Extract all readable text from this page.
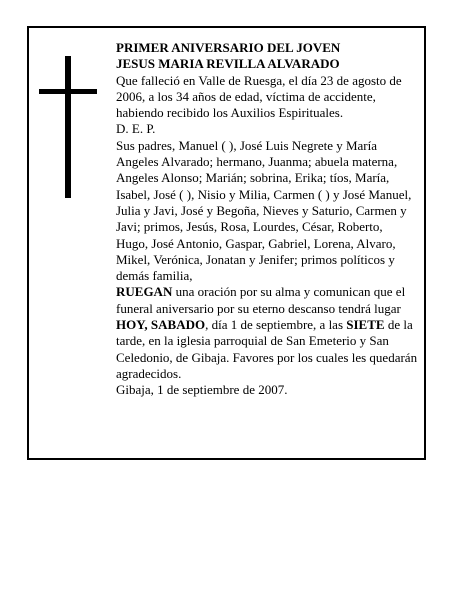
PRIMER ANIVERSARIO DEL JOVEN
JESUS MARIA REVILLA ALVARADO
Que falleció en Valle de Ruesga, el día 23 de agosto de 2006, a los 34 años de edad, víctima de accidente, habiendo recibido los Auxilios Espirituales.
D. E. P.
Sus padres, Manuel ( ), José Luis Negrete y María Angeles Alvarado; hermano, Juanma; abuela materna, Angeles Alonso; Marián; sobrina, Erika; tíos, María, Isabel, José ( ), Nisio y Milia, Carmen ( ) y José Manuel, Julia y Javi, José y Begoña, Nieves y Saturio, Carmen y Javi; primos, Jesús, Rosa, Lourdes, César, Roberto, Hugo, José Antonio, Gaspar, Gabriel, Lorena, Alvaro, Mikel, Verónica, Jonatan y Jenifer; primos políticos y demás familia,
RUEGAN una oración por su alma y comunican que el funeral aniversario por su eterno descanso tendrá lugar HOY, SABADO, día 1 de septiembre, a las SIETE de la tarde, en la iglesia parroquial de San Emeterio y San Celedonio, de Gibaja. Favores por los cuales les quedarán agradecidos.
Gibaja, 1 de septiembre de 2007.
